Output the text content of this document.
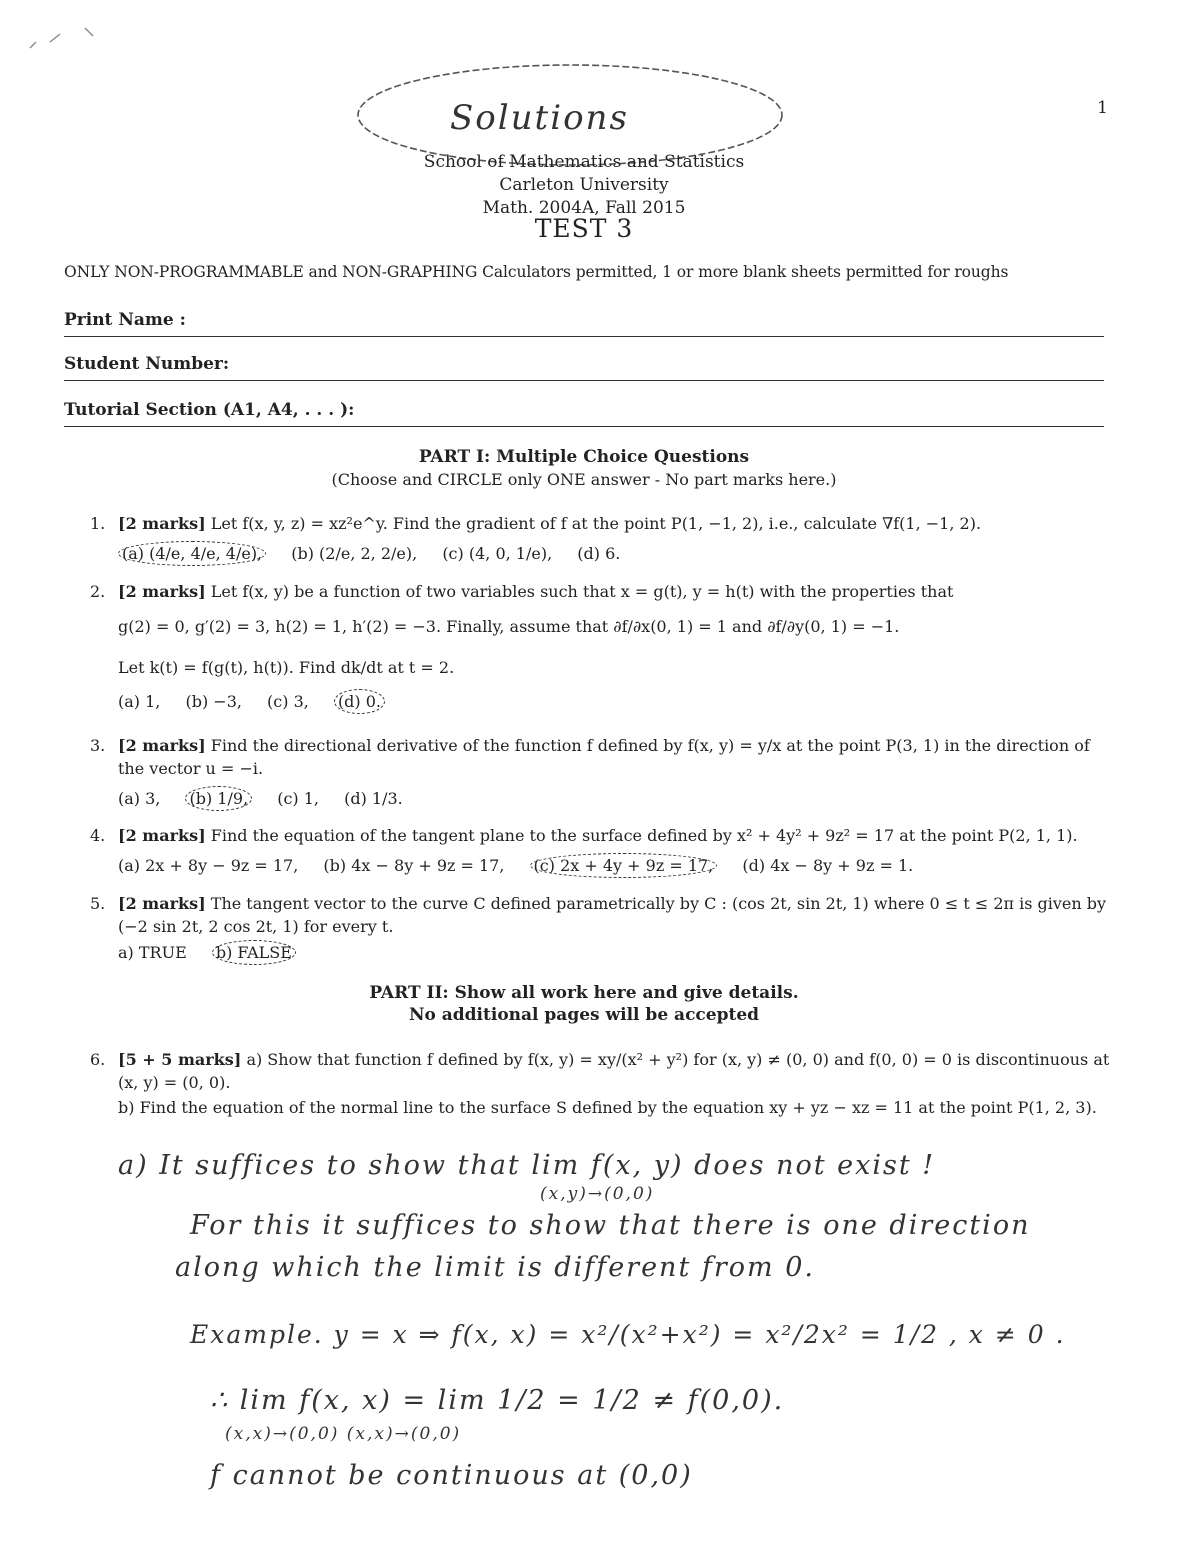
1
Solutions
School of Mathematics and Statistics
Carleton University
Math. 2004A, Fall 2015
TEST 3
ONLY NON-PROGRAMMABLE and NON-GRAPHING Calculators permitted, 1 or more blank sheets permitted for roughs
Print Name :
Student Number:
Tutorial Section (A1, A4, . . . ):
PART I: Multiple Choice Questions
(Choose and CIRCLE only ONE answer - No part marks here.)
1. [2 marks] Let f(x, y, z) = xz²e^y. Find the gradient of f at the point P(1, −1, 2), i.e., calculate ∇f(1, −1, 2).
(a) (4/e, 4/e, 4/e), (b) (2/e, 2, 2/e), (c) (4, 0, 1/e), (d) 6.
2. [2 marks] Let f(x, y) be a function of two variables such that x = g(t), y = h(t) with the properties that
g(2) = 0, g′(2) = 3, h(2) = 1, h′(2) = −3. Finally, assume that ∂f/∂x(0, 1) = 1 and ∂f/∂y(0, 1) = −1.
Let k(t) = f(g(t), h(t)). Find dk/dt at t = 2.
(a) 1, (b) −3, (c) 3, (d) 0.
3. [2 marks] Find the directional derivative of the function f defined by f(x, y) = y/x at the point P(3, 1) in the direction of the vector u = −i.
(a) 3, (b) 1/9, (c) 1, (d) 1/3.
4. [2 marks] Find the equation of the tangent plane to the surface defined by x² + 4y² + 9z² = 17 at the point P(2, 1, 1).
(a) 2x + 8y − 9z = 17, (b) 4x − 8y + 9z = 17, (c) 2x + 4y + 9z = 17, (d) 4x − 8y + 9z = 1.
5. [2 marks] The tangent vector to the curve C defined parametrically by C : (cos 2t, sin 2t, 1) where 0 ≤ t ≤ 2π is given by (−2 sin 2t, 2 cos 2t, 1) for every t.
a) TRUE b) FALSE
PART II: Show all work here and give details.
No additional pages will be accepted
6. [5 + 5 marks] a) Show that function f defined by f(x, y) = xy/(x² + y²) for (x, y) ≠ (0, 0) and f(0, 0) = 0 is discontinuous at (x, y) = (0, 0).
b) Find the equation of the normal line to the surface S defined by the equation xy + yz − xz = 11 at the point P(1, 2, 3).
a) It suffices to show that lim f(x, y) does not exist !
(x,y)→(0,0)
For this it suffices to show that there is one direction
along which the limit is different from 0.
Example. y = x ⇒ f(x, x) = x²/(x²+x²) = x²/2x² = 1/2 , x ≠ 0 .
∴ lim f(x, x) = lim 1/2 = 1/2 ≠ f(0,0).
(x,x)→(0,0) (x,x)→(0,0)
f cannot be continuous at (0,0)
